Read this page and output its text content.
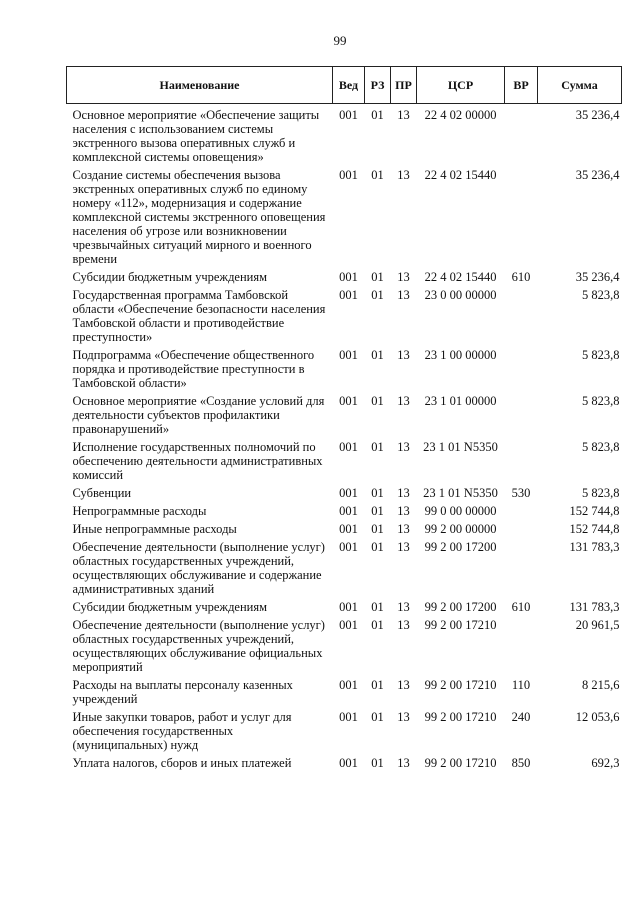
99
Наименование	Вед	РЗ	ПР	ЦСР	ВР	Сумма
Основное мероприятие «Обеспечение защиты населения с использованием системы экстренного вызова оперативных служб и комплексной системы оповещения»	001	01	13	22 4 02 00000		35 236,4
Создание системы обеспечения вызова экстренных оперативных служб по единому номеру «112», модернизация и содержание комплексной системы экстренного оповещения населения об угрозе или возникновении чрезвычайных ситуаций мирного и военного времени	001	01	13	22 4 02 15440		35 236,4
Субсидии бюджетным учреждениям	001	01	13	22 4 02 15440	610	35 236,4
Государственная программа Тамбовской области «Обеспечение безопасности населения Тамбовской области и противодействие преступности»	001	01	13	23 0 00 00000		5 823,8
Подпрограмма «Обеспечение общественного порядка и противодействие преступности в Тамбовской области»	001	01	13	23 1 00 00000		5 823,8
Основное мероприятие «Создание условий для деятельности субъектов профилактики правонарушений»	001	01	13	23 1 01 00000		5 823,8
Исполнение государственных полномочий по обеспечению деятельности административных комиссий	001	01	13	23 1 01 N5350		5 823,8
Субвенции	001	01	13	23 1 01 N5350	530	5 823,8
Непрограммные расходы	001	01	13	99 0 00 00000		152 744,8
Иные непрограммные расходы	001	01	13	99 2 00 00000		152 744,8
Обеспечение деятельности (выполнение услуг) областных государственных учреждений, осуществляющих обслуживание и содержание административных зданий	001	01	13	99 2 00 17200		131 783,3
Субсидии бюджетным учреждениям	001	01	13	99 2 00 17200	610	131 783,3
Обеспечение деятельности (выполнение услуг) областных государственных учреждений, осуществляющих обслуживание официальных мероприятий	001	01	13	99 2 00 17210		20 961,5
Расходы на выплаты персоналу казенных учреждений	001	01	13	99 2 00 17210	110	8 215,6
Иные закупки товаров, работ и услуг для обеспечения государственных (муниципальных) нужд	001	01	13	99 2 00 17210	240	12 053,6
Уплата налогов, сборов и иных платежей	001	01	13	99 2 00 17210	850	692,3
